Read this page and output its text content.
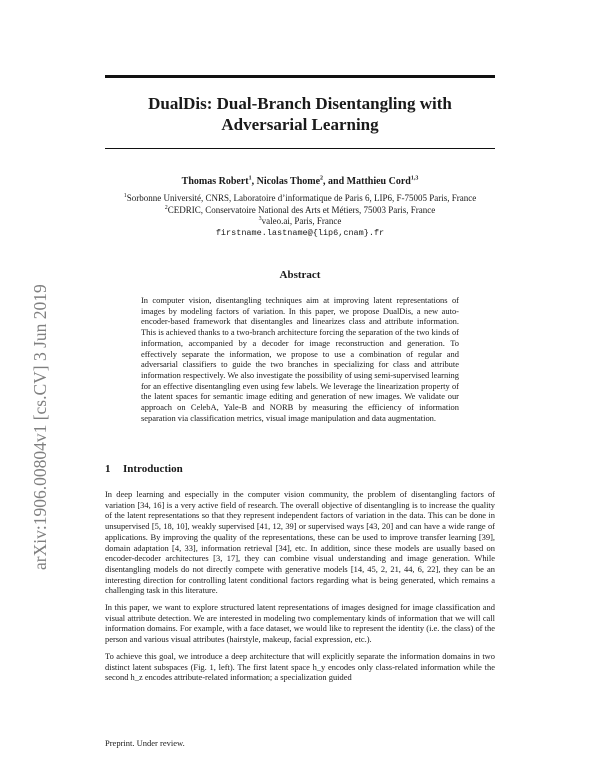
arXiv:1906.00804v1 [cs.CV] 3 Jun 2019
DualDis: Dual-Branch Disentangling with
Adversarial Learning
Thomas Robert$^1$, Nicolas Thome$^2$, and Matthieu Cord$^{1,3}$
$^1$Sorbonne Université, CNRS, Laboratoire d’informatique de Paris 6, LIP6, F-75005 Paris, France
$^2$CEDRIC, Conservatoire National des Arts et Métiers, 75003 Paris, France
$^3$valeo.ai, Paris, France
firstname.lastname@{lip6,cnam}.fr
Abstract
In computer vision, disentangling techniques aim at improving latent representations of images by modeling factors of variation. In this paper, we propose DualDis, a new auto-encoder-based framework that disentangles and linearizes class and attribute information. This is achieved thanks to a two-branch architecture forcing the separation of the two kinds of information, accompanied by a decoder for image reconstruction and generation. To effectively separate the information, we propose to use a combination of regular and adversarial classifiers to guide the two branches in specializing for class and attribute information respectively. We also investigate the possibility of using semi-supervised learning for an effective disentangling even using few labels. We leverage the linearization property of the latent spaces for semantic image editing and generation of new images. We validate our approach on CelebA, Yale-B and NORB by measuring the efficiency of information separation via classification metrics, visual image manipulation and data augmentation.
1 Introduction

In deep learning and especially in the computer vision community, the problem of disentangling factors of variation [34, 16] is a very active field of research. The overall objective of disentangling is to increase the quality of the latent representations so that they represent independent factors of variation in the data. This can be done in unsupervised [5, 18, 10], weakly supervised [41, 12, 39] or supervised ways [43, 20] and can have a wide range of applications. By improving the quality of the representations, these can be used to improve transfer learning [39], domain adaptation [4, 33], information retrieval [34], etc. In addition, since these models are usually based on encoder-decoder architectures [3, 17], they can combine visual understanding and image generation. While disentangling models do not directly compete with generative models [14, 45, 2, 21, 44, 6, 22], they can be an interesting direction for controlling latent conditional factors regarding what is being generated, which remains a challenging task in this literature.

In this paper, we want to explore structured latent representations of images designed for image classification and visual attribute detection. We are interested in modeling two complementary kinds of information that we will call information domains. For example, with a face dataset, we would like to represent the identity (i.e. the class) of the person and various visual attributes (hairstyle, makeup, facial expression, etc.).

To achieve this goal, we introduce a deep architecture that will explicitly separate the information domains in two distinct latent subspaces (Fig. 1, left). The first latent space h_y encodes only class-related information while the second h_z encodes attribute-related information; a specialization guided

Preprint. Under review.
